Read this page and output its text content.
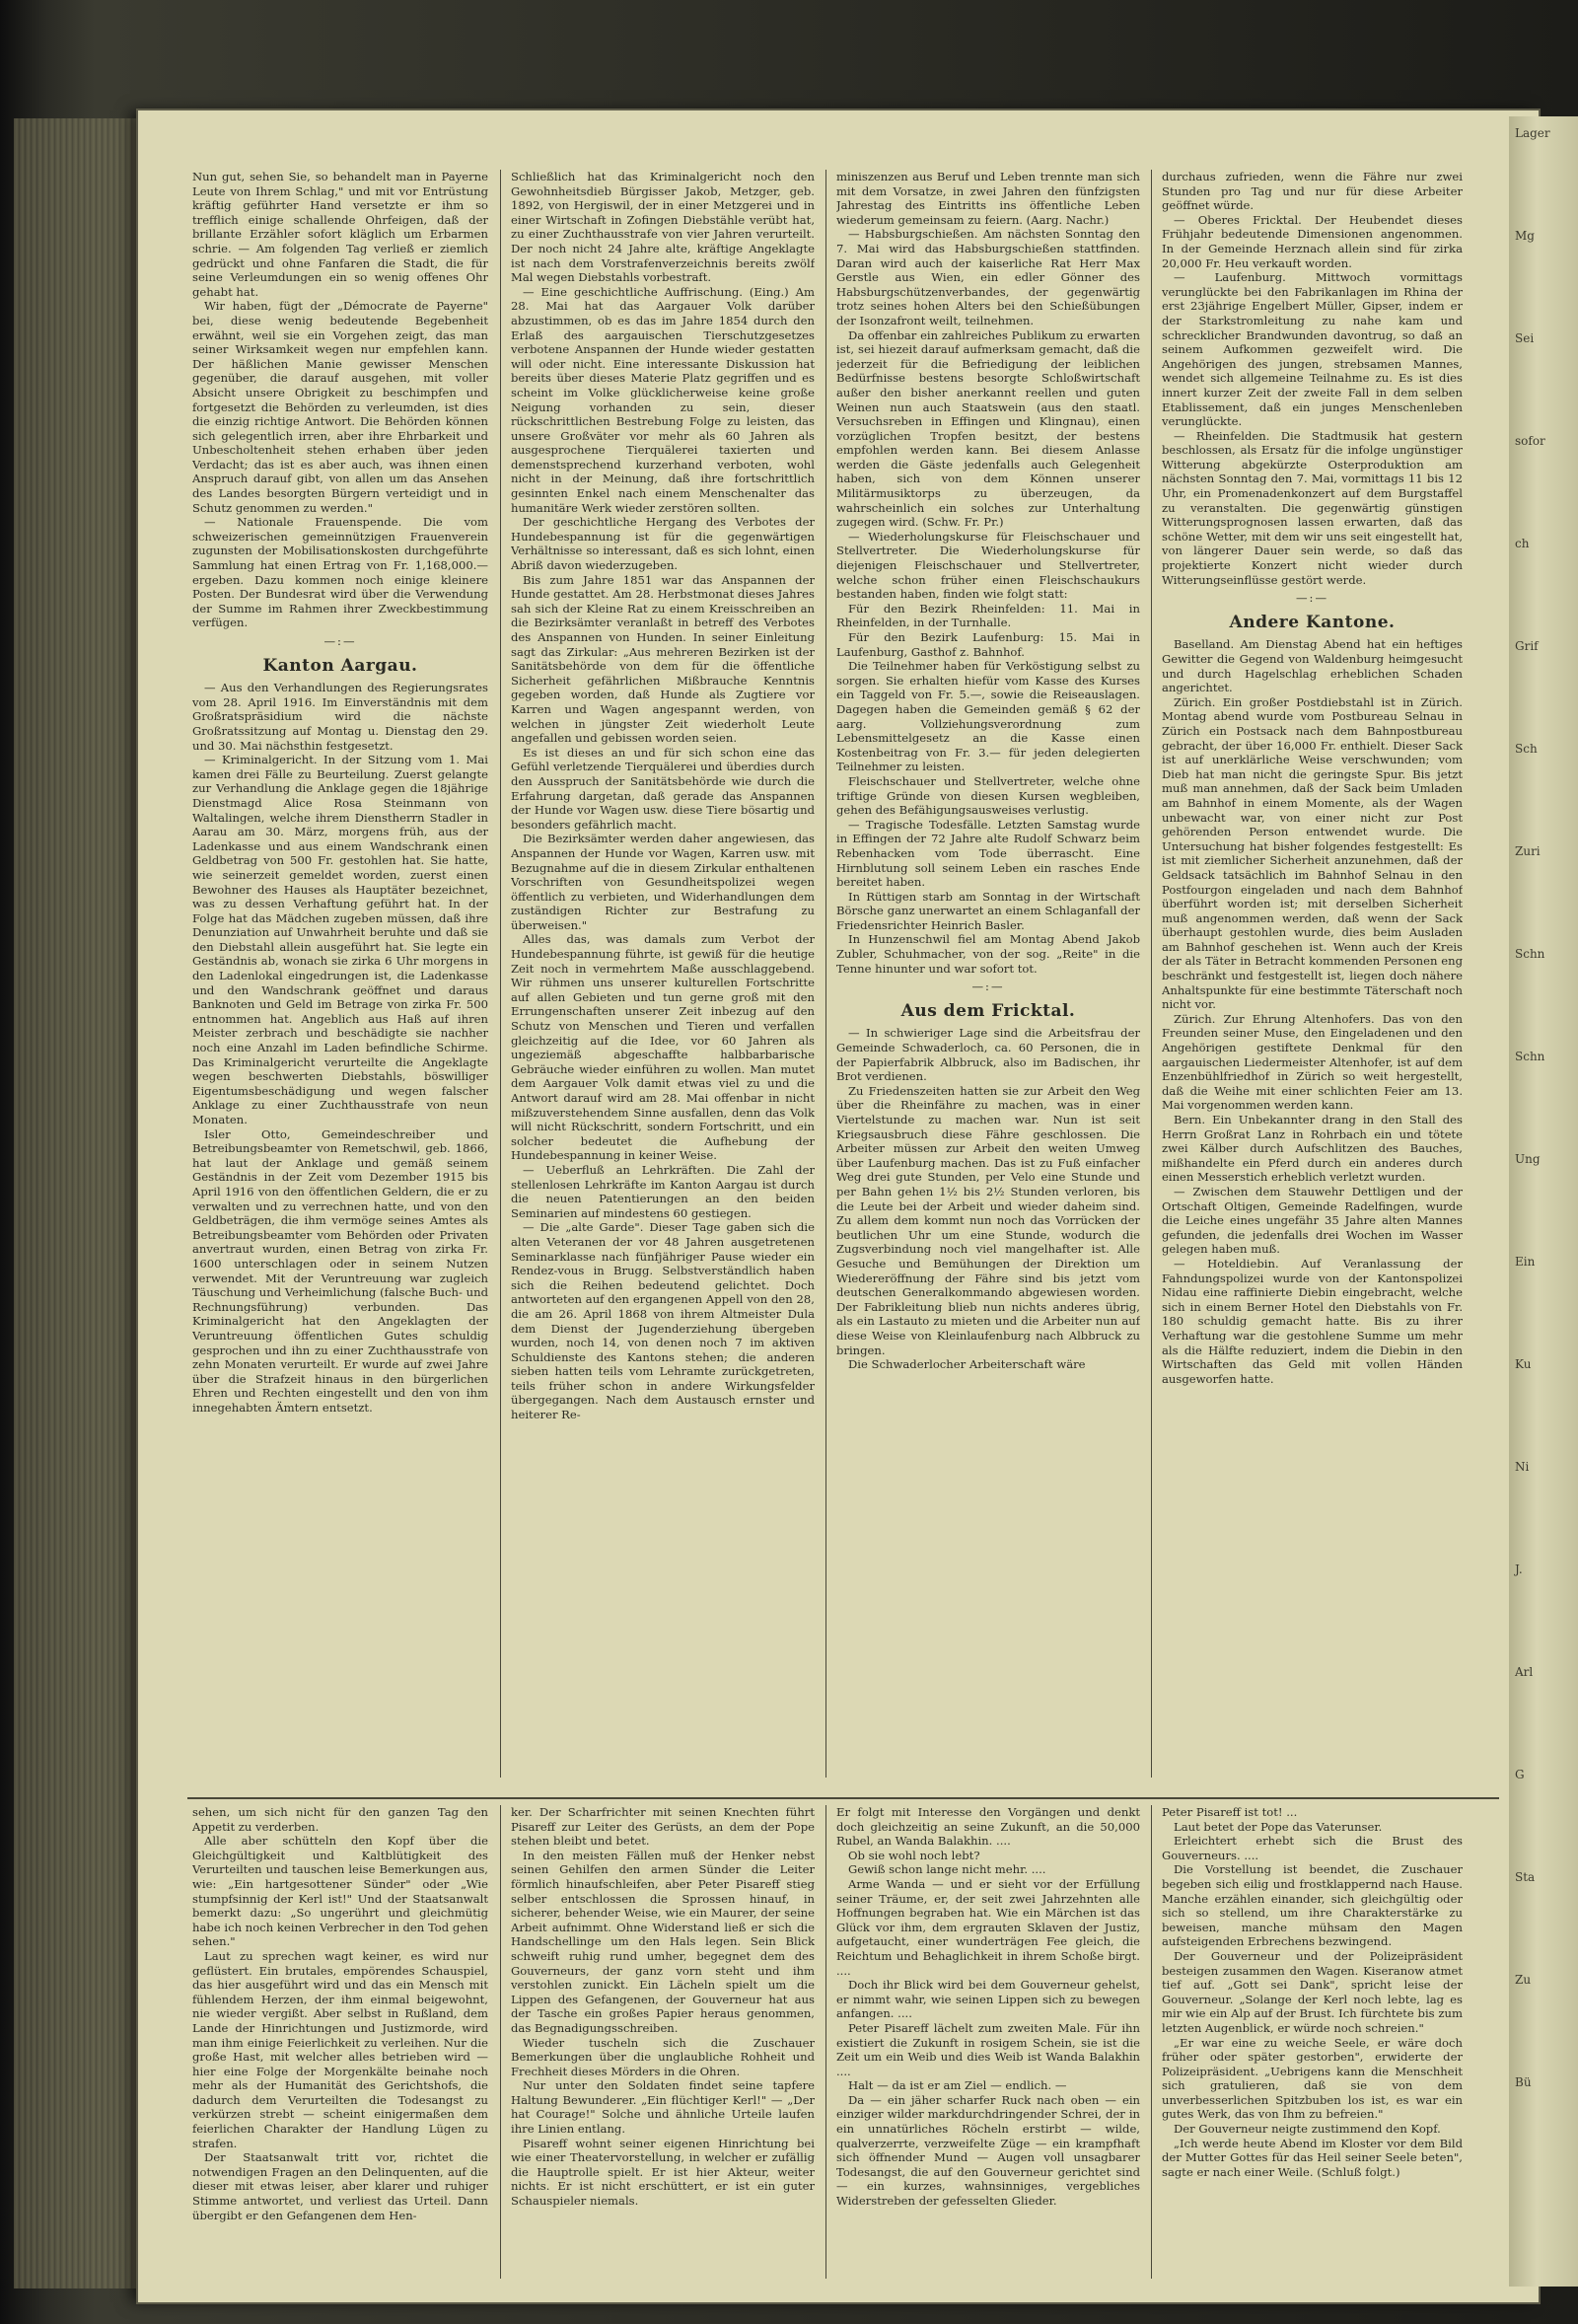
Nun gut, sehen Sie, so behandelt man in Payerne Leute von Ihrem Schlag," und mit vor Entrüstung kräftig geführter Hand versetzte er ihm so trefflich einige schallende Ohrfeigen, daß der brillante Erzähler sofort kläglich um Erbarmen schrie. — Am folgenden Tag verließ er ziemlich gedrückt und ohne Fanfaren die Stadt, die für seine Verleumdungen ein so wenig offenes Ohr gehabt hat.

Wir haben, fügt der „Démocrate de Payerne" bei, diese wenig bedeutende Begebenheit erwähnt, weil sie ein Vorgehen zeigt, das man seiner Wirksamkeit wegen nur empfehlen kann. Der häßlichen Manie gewisser Menschen gegenüber, die darauf ausgehen, mit voller Absicht unsere Obrigkeit zu beschimpfen und fortgesetzt die Behörden zu verleumden, ist dies die einzig richtige Antwort. Die Behörden können sich gelegentlich irren, aber ihre Ehrbarkeit und Unbescholtenheit stehen erhaben über jeden Verdacht; das ist es aber auch, was ihnen einen Anspruch darauf gibt, von allen um das Ansehen des Landes besorgten Bürgern verteidigt und in Schutz genommen zu werden."

— Nationale Frauenspende. Die vom schweizerischen gemeinnützigen Frauenverein zugunsten der Mobilisationskosten durchgeführte Sammlung hat einen Ertrag von Fr. 1,168,000.— ergeben. Dazu kommen noch einige kleinere Posten. Der Bundesrat wird über die Verwendung der Summe im Rahmen ihrer Zweckbestimmung verfügen.

—:—
Kanton Aargau.

— Aus den Verhandlungen des Regierungsrates vom 28. April 1916. Im Einverständnis mit dem Großratspräsidium wird die nächste Großratssitzung auf Montag u. Dienstag den 29. und 30. Mai nächsthin festgesetzt.

— Kriminalgericht. In der Sitzung vom 1. Mai kamen drei Fälle zu Beurteilung. Zuerst gelangte zur Verhandlung die Anklage gegen die 18jährige Dienstmagd Alice Rosa Steinmann von Waltalingen, welche ihrem Dienstherrn Stadler in Aarau am 30. März, morgens früh, aus der Ladenkasse und aus einem Wandschrank einen Geldbetrag von 500 Fr. gestohlen hat. Sie hatte, wie seinerzeit gemeldet worden, zuerst einen Bewohner des Hauses als Hauptäter bezeichnet, was zu dessen Verhaftung geführt hat. In der Folge hat das Mädchen zugeben müssen, daß ihre Denunziation auf Unwahrheit beruhte und daß sie den Diebstahl allein ausgeführt hat. Sie legte ein Geständnis ab, wonach sie zirka 6 Uhr morgens in den Ladenlokal eingedrungen ist, die Ladenkasse und den Wandschrank geöffnet und daraus Banknoten und Geld im Betrage von zirka Fr. 500 entnommen hat. Angeblich aus Haß auf ihren Meister zerbrach und beschädigte sie nachher noch eine Anzahl im Laden befindliche Schirme. Das Kriminalgericht verurteilte die Angeklagte wegen beschwerten Diebstahls, böswilliger Eigentumsbeschädigung und wegen falscher Anklage zu einer Zuchthausstrafe von neun Monaten.

Isler Otto, Gemeindeschreiber und Betreibungsbeamter von Remetschwil, geb. 1866, hat laut der Anklage und gemäß seinem Geständnis in der Zeit vom Dezember 1915 bis April 1916 von den öffentlichen Geldern, die er zu verwalten und zu verrechnen hatte, und von den Geldbeträgen, die ihm vermöge seines Amtes als Betreibungsbeamter vom Behörden oder Privaten anvertraut wurden, einen Betrag von zirka Fr. 1600 unterschlagen oder in seinem Nutzen verwendet. Mit der Veruntreuung war zugleich Täuschung und Verheimlichung (falsche Buch- und Rechnungsführung) verbunden. Das Kriminalgericht hat den Angeklagten der Veruntreuung öffentlichen Gutes schuldig gesprochen und ihn zu einer Zuchthausstrafe von zehn Monaten verurteilt. Er wurde auf zwei Jahre über die Strafzeit hinaus in den bürgerlichen Ehren und Rechten eingestellt und den von ihm innegehabten Ämtern entsetzt.

Schließlich hat das Kriminalgericht noch den Gewohnheitsdieb Bürgisser Jakob, Metzger, geb. 1892, von Hergiswil, der in einer Metzgerei und in einer Wirtschaft in Zofingen Diebstähle verübt hat, zu einer Zuchthausstrafe von vier Jahren verurteilt. Der noch nicht 24 Jahre alte, kräftige Angeklagte ist nach dem Vorstrafenverzeichnis bereits zwölf Mal wegen Diebstahls vorbestraft.

— Eine geschichtliche Auffrischung. (Eing.) Am 28. Mai hat das Aargauer Volk darüber abzustimmen, ob es das im Jahre 1854 durch den Erlaß des aargauischen Tierschutzgesetzes verbotene Anspannen der Hunde wieder gestatten will oder nicht. Eine interessante Diskussion hat bereits über dieses Materie Platz gegriffen und es scheint im Volke glücklicherweise keine große Neigung vorhanden zu sein, dieser rückschrittlichen Bestrebung Folge zu leisten, das unsere Großväter vor mehr als 60 Jahren als ausgesprochene Tierquälerei taxierten und demenstsprechend kurzerhand verboten, wohl nicht in der Meinung, daß ihre fortschrittlich gesinnten Enkel nach einem Menschenalter das humanitäre Werk wieder zerstören sollten.

Der geschichtliche Hergang des Verbotes der Hundebespannung ist für die gegenwärtigen Verhältnisse so interessant, daß es sich lohnt, einen Abriß davon wiederzugeben.

Bis zum Jahre 1851 war das Anspannen der Hunde gestattet. Am 28. Herbstmonat dieses Jahres sah sich der Kleine Rat zu einem Kreisschreiben an die Bezirksämter veranlaßt in betreff des Verbotes des Anspannen von Hunden. In seiner Einleitung sagt das Zirkular: „Aus mehreren Bezirken ist der Sanitätsbehörde von dem für die öffentliche Sicherheit gefährlichen Mißbrauche Kenntnis gegeben worden, daß Hunde als Zugtiere vor Karren und Wagen angespannt werden, von welchen in jüngster Zeit wiederholt Leute angefallen und gebissen worden seien.

Es ist dieses an und für sich schon eine das Gefühl verletzende Tierquälerei und überdies durch den Ausspruch der Sanitätsbehörde wie durch die Erfahrung dargetan, daß gerade das Anspannen der Hunde vor Wagen usw. diese Tiere bösartig und besonders gefährlich macht.

Die Bezirksämter werden daher angewiesen, das Anspannen der Hunde vor Wagen, Karren usw. mit Bezugnahme auf die in diesem Zirkular enthaltenen Vorschriften von Gesundheitspolizei wegen öffentlich zu verbieten, und Widerhandlungen dem zuständigen Richter zur Bestrafung zu überweisen."

Alles das, was damals zum Verbot der Hundebespannung führte, ist gewiß für die heutige Zeit noch in vermehrtem Maße ausschlaggebend. Wir rühmen uns unserer kulturellen Fortschritte auf allen Gebieten und tun gerne groß mit den Errungenschaften unserer Zeit inbezug auf den Schutz von Menschen und Tieren und verfallen gleichzeitig auf die Idee, vor 60 Jahren als ungeziemäß abgeschaffte halbbarbarische Gebräuche wieder einführen zu wollen. Man mutet dem Aargauer Volk damit etwas viel zu und die Antwort darauf wird am 28. Mai offenbar in nicht mißzuverstehendem Sinne ausfallen, denn das Volk will nicht Rückschritt, sondern Fortschritt, und ein solcher bedeutet die Aufhebung der Hundebespannung in keiner Weise.

— Ueberfluß an Lehrkräften. Die Zahl der stellenlosen Lehrkräfte im Kanton Aargau ist durch die neuen Patentierungen an den beiden Seminarien auf mindestens 60 gestiegen.

— Die „alte Garde". Dieser Tage gaben sich die alten Veteranen der vor 48 Jahren ausgetretenen Seminarklasse nach fünfjähriger Pause wieder ein Rendez-vous in Brugg. Selbstverständlich haben sich die Reihen bedeutend gelichtet. Doch antworteten auf den ergangenen Appell von den 28, die am 26. April 1868 von ihrem Altmeister Dula dem Dienst der Jugenderziehung übergeben wurden, noch 14, von denen noch 7 im aktiven Schuldienste des Kantons stehen; die anderen sieben hatten teils vom Lehramte zurückgetreten, teils früher schon in andere Wirkungsfelder übergegangen. Nach dem Austausch ernster und heiterer Re-

miniszenzen aus Beruf und Leben trennte man sich mit dem Vorsatze, in zwei Jahren den fünfzigsten Jahrestag des Eintritts ins öffentliche Leben wiederum gemeinsam zu feiern. (Aarg. Nachr.)

— Habsburgschießen. Am nächsten Sonntag den 7. Mai wird das Habsburgschießen stattfinden. Daran wird auch der kaiserliche Rat Herr Max Gerstle aus Wien, ein edler Gönner des Habsburgschützenverbandes, der gegenwärtig trotz seines hohen Alters bei den Schießübungen der Isonzafront weilt, teilnehmen.

Da offenbar ein zahlreiches Publikum zu erwarten ist, sei hiezeit darauf aufmerksam gemacht, daß die jederzeit für die Befriedigung der leiblichen Bedürfnisse bestens besorgte Schloßwirtschaft außer den bisher anerkannt reellen und guten Weinen nun auch Staatswein (aus den staatl. Versuchsreben in Effingen und Klingnau), einen vorzüglichen Tropfen besitzt, der bestens empfohlen werden kann. Bei diesem Anlasse werden die Gäste jedenfalls auch Gelegenheit haben, sich von dem Können unserer Militärmusiktorps zu überzeugen, da wahrscheinlich ein solches zur Unterhaltung zugegen wird. (Schw. Fr. Pr.)

— Wiederholungskurse für Fleischschauer und Stellvertreter. Die Wiederholungskurse für diejenigen Fleischschauer und Stellvertreter, welche schon früher einen Fleischschaukurs bestanden haben, finden wie folgt statt:

Für den Bezirk Rheinfelden: 11. Mai in Rheinfelden, in der Turnhalle.

Für den Bezirk Laufenburg: 15. Mai in Laufenburg, Gasthof z. Bahnhof.

Die Teilnehmer haben für Verköstigung selbst zu sorgen. Sie erhalten hiefür vom Kasse des Kurses ein Taggeld von Fr. 5.—, sowie die Reiseauslagen. Dagegen haben die Gemeinden gemäß § 62 der aarg. Vollziehungsverordnung zum Lebensmittelgesetz an die Kasse einen Kostenbeitrag von Fr. 3.— für jeden delegierten Teilnehmer zu leisten.

Fleischschauer und Stellvertreter, welche ohne triftige Gründe von diesen Kursen wegbleiben, gehen des Befähigungsausweises verlustig.

— Tragische Todesfälle. Letzten Samstag wurde in Effingen der 72 Jahre alte Rudolf Schwarz beim Rebenhacken vom Tode überrascht. Eine Hirnblutung soll seinem Leben ein rasches Ende bereitet haben.

In Rüttigen starb am Sonntag in der Wirtschaft Börsche ganz unerwartet an einem Schlaganfall der Friedensrichter Heinrich Basler.

In Hunzenschwil fiel am Montag Abend Jakob Zubler, Schuhmacher, von der sog. „Reite" in die Tenne hinunter und war sofort tot.

—:—
Aus dem Fricktal.

— In schwieriger Lage sind die Arbeitsfrau der Gemeinde Schwaderloch, ca. 60 Personen, die in der Papierfabrik Albbruck, also im Badischen, ihr Brot verdienen.

Zu Friedenszeiten hatten sie zur Arbeit den Weg über die Rheinfähre zu machen, was in einer Viertelstunde zu machen war. Nun ist seit Kriegsausbruch diese Fähre geschlossen. Die Arbeiter müssen zur Arbeit den weiten Umweg über Laufenburg machen. Das ist zu Fuß einfacher Weg drei gute Stunden, per Velo eine Stunde und per Bahn gehen 1½ bis 2½ Stunden verloren, bis die Leute bei der Arbeit und wieder daheim sind. Zu allem dem kommt nun noch das Vorrücken der beutlichen Uhr um eine Stunde, wodurch die Zugsverbindung noch viel mangelhafter ist. Alle Gesuche und Bemühungen der Direktion um Wiedereröffnung der Fähre sind bis jetzt vom deutschen Generalkommando abgewiesen worden. Der Fabrikleitung blieb nun nichts anderes übrig, als ein Lastauto zu mieten und die Arbeiter nun auf diese Weise von Kleinlaufenburg nach Albbruck zu bringen.

Die Schwaderlocher Arbeiterschaft wäre

durchaus zufrieden, wenn die Fähre nur zwei Stunden pro Tag und nur für diese Arbeiter geöffnet würde.

— Oberes Fricktal. Der Heubendet dieses Frühjahr bedeutende Dimensionen angenommen. In der Gemeinde Herznach allein sind für zirka 20,000 Fr. Heu verkauft worden.

— Laufenburg. Mittwoch vormittags verunglückte bei den Fabrikanlagen im Rhina der erst 23jährige Engelbert Müller, Gipser, indem er der Starkstromleitung zu nahe kam und schrecklicher Brandwunden davontrug, so daß an seinem Aufkommen gezweifelt wird. Die Angehörigen des jungen, strebsamen Mannes, wendet sich allgemeine Teilnahme zu. Es ist dies innert kurzer Zeit der zweite Fall in dem selben Etablissement, daß ein junges Menschenleben verunglückte.

— Rheinfelden. Die Stadtmusik hat gestern beschlossen, als Ersatz für die infolge ungünstiger Witterung abgekürzte Osterproduktion am nächsten Sonntag den 7. Mai, vormittags 11 bis 12 Uhr, ein Promenadenkonzert auf dem Burgstaffel zu veranstalten. Die gegenwärtig günstigen Witterungsprognosen lassen erwarten, daß das schöne Wetter, mit dem wir uns seit eingestellt hat, von längerer Dauer sein werde, so daß das projektierte Konzert nicht wieder durch Witterungseinflüsse gestört werde.

—:—
Andere Kantone.

Baselland. Am Dienstag Abend hat ein heftiges Gewitter die Gegend von Waldenburg heimgesucht und durch Hagelschlag erheblichen Schaden angerichtet.

Zürich. Ein großer Postdiebstahl ist in Zürich. Montag abend wurde vom Postbureau Selnau in Zürich ein Postsack nach dem Bahnpostbureau gebracht, der über 16,000 Fr. enthielt. Dieser Sack ist auf unerklärliche Weise verschwunden; vom Dieb hat man nicht die geringste Spur. Bis jetzt muß man annehmen, daß der Sack beim Umladen am Bahnhof in einem Momente, als der Wagen unbewacht war, von einer nicht zur Post gehörenden Person entwendet wurde. Die Untersuchung hat bisher folgendes festgestellt: Es ist mit ziemlicher Sicherheit anzunehmen, daß der Geldsack tatsächlich im Bahnhof Selnau in den Postfourgon eingeladen und nach dem Bahnhof überführt worden ist; mit derselben Sicherheit muß angenommen werden, daß wenn der Sack überhaupt gestohlen wurde, dies beim Ausladen am Bahnhof geschehen ist. Wenn auch der Kreis der als Täter in Betracht kommenden Personen eng beschränkt und festgestellt ist, liegen doch nähere Anhaltspunkte für eine bestimmte Täterschaft noch nicht vor.

Zürich. Zur Ehrung Altenhofers. Das von den Freunden seiner Muse, den Eingeladenen und den Angehörigen gestiftete Denkmal für den aargauischen Liedermeister Altenhofer, ist auf dem Enzenbühlfriedhof in Zürich so weit hergestellt, daß die Weihe mit einer schlichten Feier am 13. Mai vorgenommen werden kann.

Bern. Ein Unbekannter drang in den Stall des Herrn Großrat Lanz in Rohrbach ein und tötete zwei Kälber durch Aufschlitzen des Bauches, mißhandelte ein Pferd durch ein anderes durch einen Messerstich erheblich verletzt wurden.

— Zwischen dem Stauwehr Dettligen und der Ortschaft Oltigen, Gemeinde Radelfingen, wurde die Leiche eines ungefähr 35 Jahre alten Mannes gefunden, die jedenfalls drei Wochen im Wasser gelegen haben muß.

— Hoteldiebin. Auf Veranlassung der Fahndungspolizei wurde von der Kantonspolizei Nidau eine raffinierte Diebin eingebracht, welche sich in einem Berner Hotel den Diebstahls von Fr. 180 schuldig gemacht hatte. Bis zu ihrer Verhaftung war die gestohlene Summe um mehr als die Hälfte reduziert, indem die Diebin in den Wirtschaften das Geld mit vollen Händen ausgeworfen hatte.

sehen, um sich nicht für den ganzen Tag den Appetit zu verderben.

Alle aber schütteln den Kopf über die Gleichgültigkeit und Kaltblütigkeit des Verurteilten und tauschen leise Bemerkungen aus, wie: „Ein hartgesottener Sünder" oder „Wie stumpfsinnig der Kerl ist!" Und der Staatsanwalt bemerkt dazu: „So ungerührt und gleichmütig habe ich noch keinen Verbrecher in den Tod gehen sehen."

Laut zu sprechen wagt keiner, es wird nur geflüstert. Ein brutales, empörendes Schauspiel, das hier ausgeführt wird und das ein Mensch mit fühlendem Herzen, der ihm einmal beigewohnt, nie wieder vergißt. Aber selbst in Rußland, dem Lande der Hinrichtungen und Justizmorde, wird man ihm einige Feierlichkeit zu verleihen. Nur die große Hast, mit welcher alles betrieben wird — hier eine Folge der Morgenkälte beinahe noch mehr als der Humanität des Gerichtshofs, die dadurch dem Verurteilten die Todesangst zu verkürzen strebt — scheint einigermaßen dem feierlichen Charakter der Handlung Lügen zu strafen.

Der Staatsanwalt tritt vor, richtet die notwendigen Fragen an den Delinquenten, auf die dieser mit etwas leiser, aber klarer und ruhiger Stimme antwortet, und verliest das Urteil. Dann übergibt er den Gefangenen dem Hen-

ker. Der Scharfrichter mit seinen Knechten führt Pisareff zur Leiter des Gerüsts, an dem der Pope stehen bleibt und betet.

In den meisten Fällen muß der Henker nebst seinen Gehilfen den armen Sünder die Leiter förmlich hinaufschleifen, aber Peter Pisareff stieg selber entschlossen die Sprossen hinauf, in sicherer, behender Weise, wie ein Maurer, der seine Arbeit aufnimmt. Ohne Widerstand ließ er sich die Handschellinge um den Hals legen. Sein Blick schweift ruhig rund umher, begegnet dem des Gouverneurs, der ganz vorn steht und ihm verstohlen zunickt. Ein Lächeln spielt um die Lippen des Gefangenen, der Gouverneur hat aus der Tasche ein großes Papier heraus genommen, das Begnadigungsschreiben.

Wieder tuscheln sich die Zuschauer Bemerkungen über die unglaubliche Rohheit und Frechheit dieses Mörders in die Ohren.

Nur unter den Soldaten findet seine tapfere Haltung Bewunderer. „Ein flüchtiger Kerl!" — „Der hat Courage!" Solche und ähnliche Urteile laufen ihre Linien entlang.

Pisareff wohnt seiner eigenen Hinrichtung bei wie einer Theatervorstellung, in welcher er zufällig die Hauptrolle spielt. Er ist hier Akteur, weiter nichts. Er ist nicht erschüttert, er ist ein guter Schauspieler niemals.

Er folgt mit Interesse den Vorgängen und denkt doch gleichzeitig an seine Zukunft, an die 50,000 Rubel, an Wanda Balakhin. ....

Ob sie wohl noch lebt?

Gewiß schon lange nicht mehr. ....

Arme Wanda — und er sieht vor der Erfüllung seiner Träume, er, der seit zwei Jahrzehnten alle Hoffnungen begraben hat. Wie ein Märchen ist das Glück vor ihm, dem ergrauten Sklaven der Justiz, aufgetaucht, einer wunderträgen Fee gleich, die Reichtum und Behaglichkeit in ihrem Schoße birgt. ....

Doch ihr Blick wird bei dem Gouverneur gehelst, er nimmt wahr, wie seinen Lippen sich zu bewegen anfangen. ....

Peter Pisareff lächelt zum zweiten Male. Für ihn existiert die Zukunft in rosigem Schein, sie ist die Zeit um ein Weib und dies Weib ist Wanda Balakhin ....

Halt — da ist er am Ziel — endlich. —

Da — ein jäher scharfer Ruck nach oben — ein einziger wilder markdurchdringender Schrei, der in ein unnatürliches Röcheln erstirbt — wilde, qualverzerrte, verzweifelte Züge — ein krampfhaft sich öffnender Mund — Augen voll unsagbarer Todesangst, die auf den Gouverneur gerichtet sind — ein kurzes, wahnsinniges, vergebliches Widerstreben der gefesselten Glieder.

Peter Pisareff ist tot! ...

Laut betet der Pope das Vaterunser.

Erleichtert erhebt sich die Brust des Gouverneurs. ....

Die Vorstellung ist beendet, die Zuschauer begeben sich eilig und frostklappernd nach Hause. Manche erzählen einander, sich gleichgültig oder sich so stellend, um ihre Charakterstärke zu beweisen, manche mühsam den Magen aufsteigenden Erbrechens bezwingend.

Der Gouverneur und der Polizeipräsident besteigen zusammen den Wagen. Kiseranow atmet tief auf. „Gott sei Dank", spricht leise der Gouverneur. „Solange der Kerl noch lebte, lag es mir wie ein Alp auf der Brust. Ich fürchtete bis zum letzten Augenblick, er würde noch schreien."

„Er war eine zu weiche Seele, er wäre doch früher oder später gestorben", erwiderte der Polizeipräsident. „Uebrigens kann die Menschheit sich gratulieren, daß sie von dem unverbesserlichen Spitzbuben los ist, es war ein gutes Werk, das von Ihm zu befreien."

Der Gouverneur neigte zustimmend den Kopf.

„Ich werde heute Abend im Kloster vor dem Bild der Mutter Gottes für das Heil seiner Seele beten", sagte er nach einer Weile. (Schluß folgt.)

Lager
Mg
Sei
sofor
ch
Grif
Sch
Zuri
Schn
Schn
Ung
Ein
Ku
Ni
J.
Arl
G
Sta
Zu
Bü
